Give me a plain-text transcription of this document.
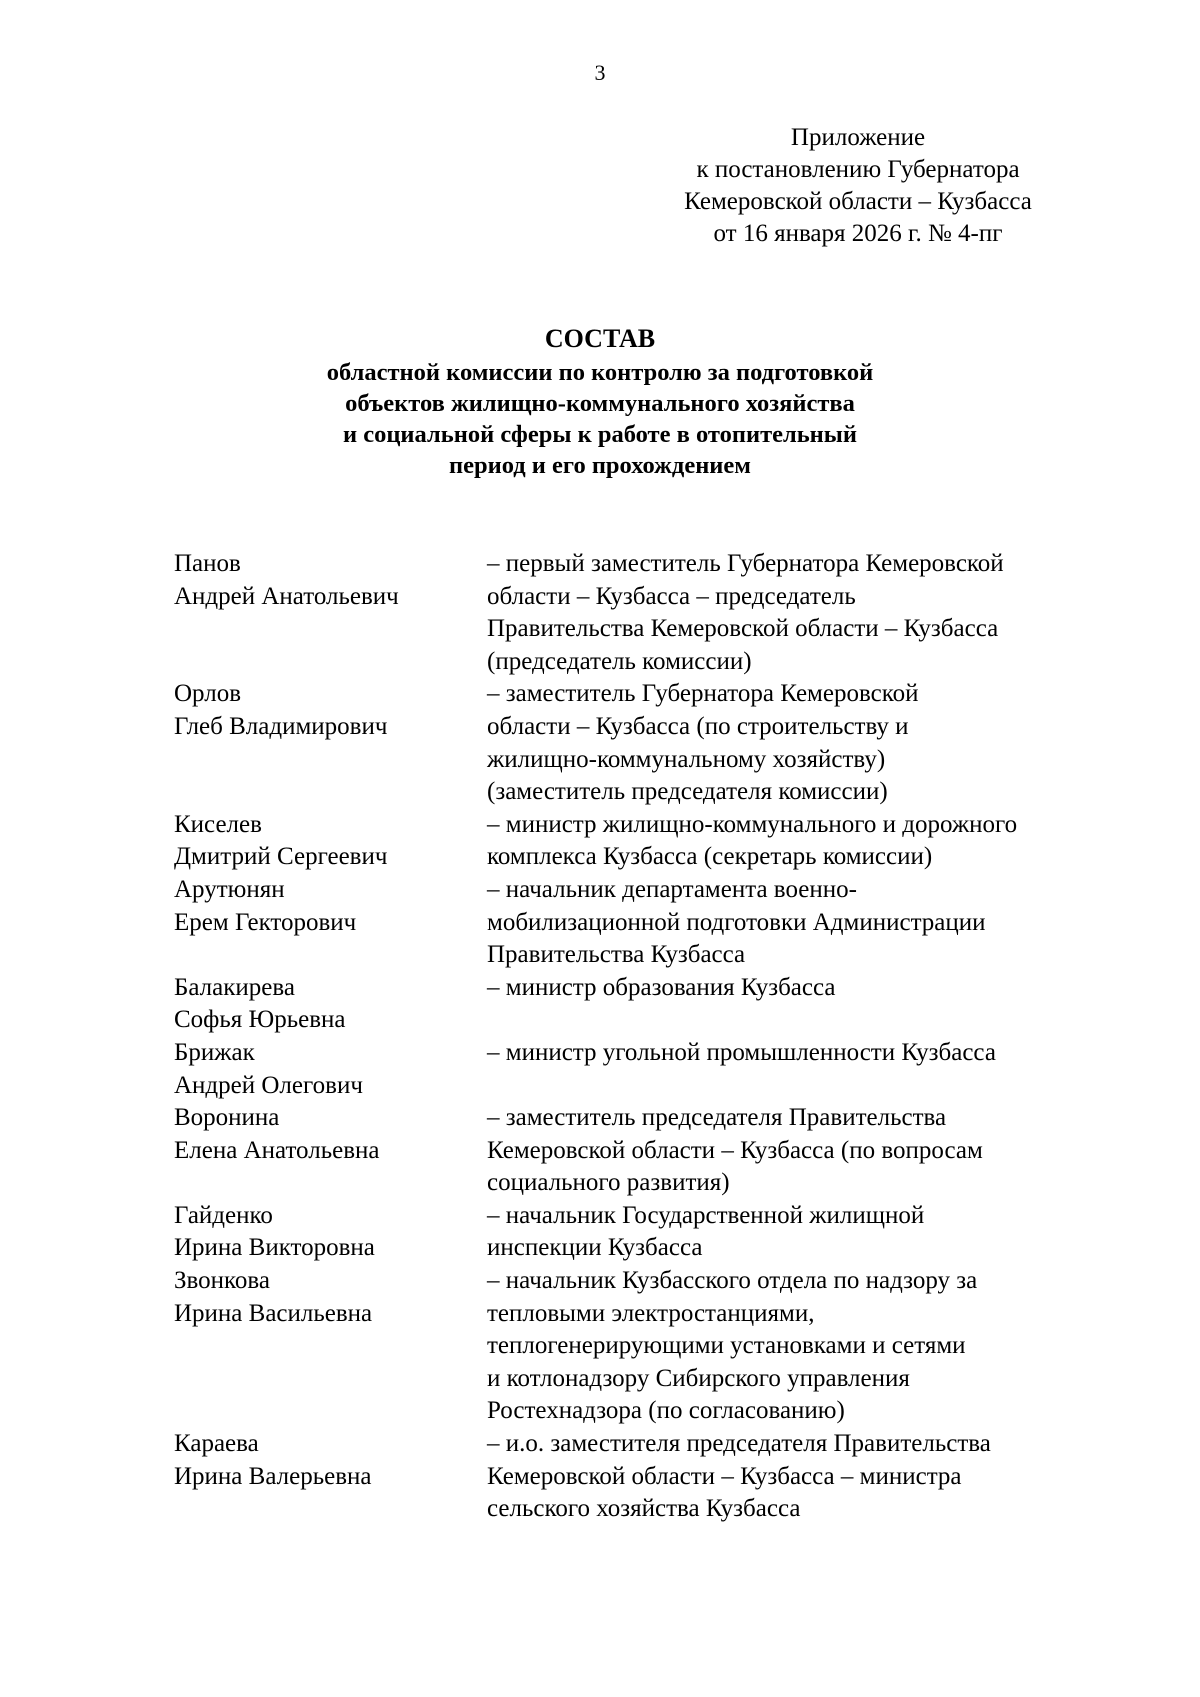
3
Приложение
к постановлению Губернатора
Кемеровской области – Кузбасса
от 16 января 2026 г. № 4-пг
СОСТАВ
областной комиссии по контролю за подготовкой
объектов жилищно-коммунального хозяйства
и социальной сферы к работе в отопительный
период и его прохождением
Панов
Андрей Анатольевич
– первый заместитель Губернатора Кемеровской
области – Кузбасса – председатель
Правительства Кемеровской области – Кузбасса
(председатель комиссии)
Орлов
Глеб Владимирович
– заместитель Губернатора Кемеровской
области – Кузбасса (по строительству и
жилищно-коммунальному хозяйству)
(заместитель председателя комиссии)
Киселев
Дмитрий Сергеевич
– министр жилищно-коммунального и дорожного
комплекса Кузбасса (секретарь комиссии)
Арутюнян
Ерем Гекторович
– начальник департамента военно-
мобилизационной подготовки Администрации
Правительства Кузбасса
Балакирева
Софья Юрьевна
– министр образования Кузбасса
Брижак
Андрей Олегович
– министр угольной промышленности Кузбасса
Воронина
Елена Анатольевна
– заместитель председателя Правительства
Кемеровской области – Кузбасса (по вопросам
социального развития)
Гайденко
Ирина Викторовна
– начальник Государственной жилищной
инспекции Кузбасса
Звонкова
Ирина Васильевна
– начальник Кузбасского отдела по надзору за
тепловыми электростанциями,
теплогенерирующими установками и сетями
и котлонадзору Сибирского управления
Ростехнадзора (по согласованию)
Караева
Ирина Валерьевна
– и.о. заместителя председателя Правительства
Кемеровской области – Кузбасса – министра
сельского хозяйства Кузбасса
